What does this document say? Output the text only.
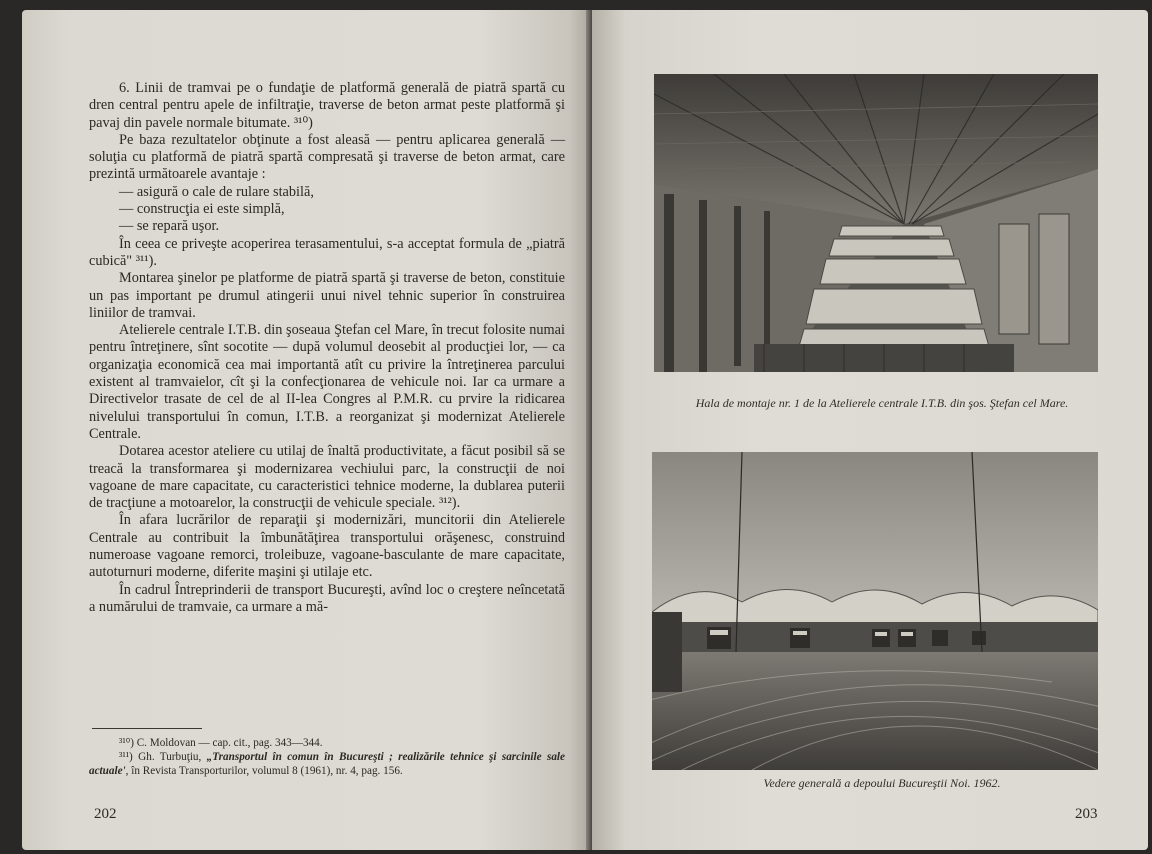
6. Linii de tramvai pe o fundaţie de platformă generală de piatră spartă cu dren central pentru apele de infiltraţie, traverse de beton armat peste platformă şi pavaj din pavele normale bitumate. ³¹⁰)

Pe baza rezultatelor obţinute a fost aleasă — pentru aplicarea generală — soluţia cu platformă de piatră spartă compresată şi traverse de beton armat, care prezintă următoarele avantaje :

— asigură o cale de rulare stabilă,

— construcţia ei este simplă,

— se repară uşor.

În ceea ce priveşte acoperirea terasamentului, s-a acceptat formula de „piatră cubică" ³¹¹).

Montarea şinelor pe platforme de piatră spartă şi traverse de beton, constituie un pas important pe drumul atingerii unui nivel tehnic superior în construirea liniilor de tramvai.

Atelierele centrale I.T.B. din şoseaua Ştefan cel Mare, în trecut folosite numai pentru întreţinere, sînt socotite — după volumul deosebit al producţiei lor, — ca organizaţia economică cea mai importantă atît cu privire la întreţinerea parcului existent al tramvaielor, cît şi la confecţionarea de vehicule noi. Iar ca urmare a Directivelor trasate de cel de al II-lea Congres al P.M.R. cu prvire la ridicarea nivelului transportului în comun, I.T.B. a reorganizat şi modernizat Atelierele Centrale.

Dotarea acestor ateliere cu utilaj de înaltă productivitate, a făcut posibil să se treacă la transformarea şi modernizarea vechiului parc, la construcţii de noi vagoane de mare capacitate, cu caracteristici tehnice moderne, la dublarea puterii de tracţiune a motoarelor, la construcţii de vehicule speciale. ³¹²).

În afara lucrărilor de reparaţii şi modernizări, muncitorii din Atelierele Centrale au contribuit la îmbunătăţirea transportului orăşenesc, construind numeroase vagoane remorci, troleibuze, vagoane-basculante de mare capacitate, autoturnuri moderne, diferite maşini şi utilaje etc.

În cadrul Întreprinderii de transport Bucureşti, avînd loc o creştere neîncetată a numărului de tramvaie, ca urmare a mă-

³¹⁰) C. Moldovan — cap. cit., pag. 343—344.

³¹¹) Gh. Turbuţiu, „Transportul în comun în Bucureşti ; realizările tehnice şi sarcinile sale actuale', în Revista Transporturilor, volumul 8 (1961), nr. 4, pag. 156.

202
Hala de montaje nr. 1 de la Atelierele centrale I.T.B. din şos. Ştefan cel Mare.
Vedere generală a depoului Bucureştii Noi. 1962.
203
